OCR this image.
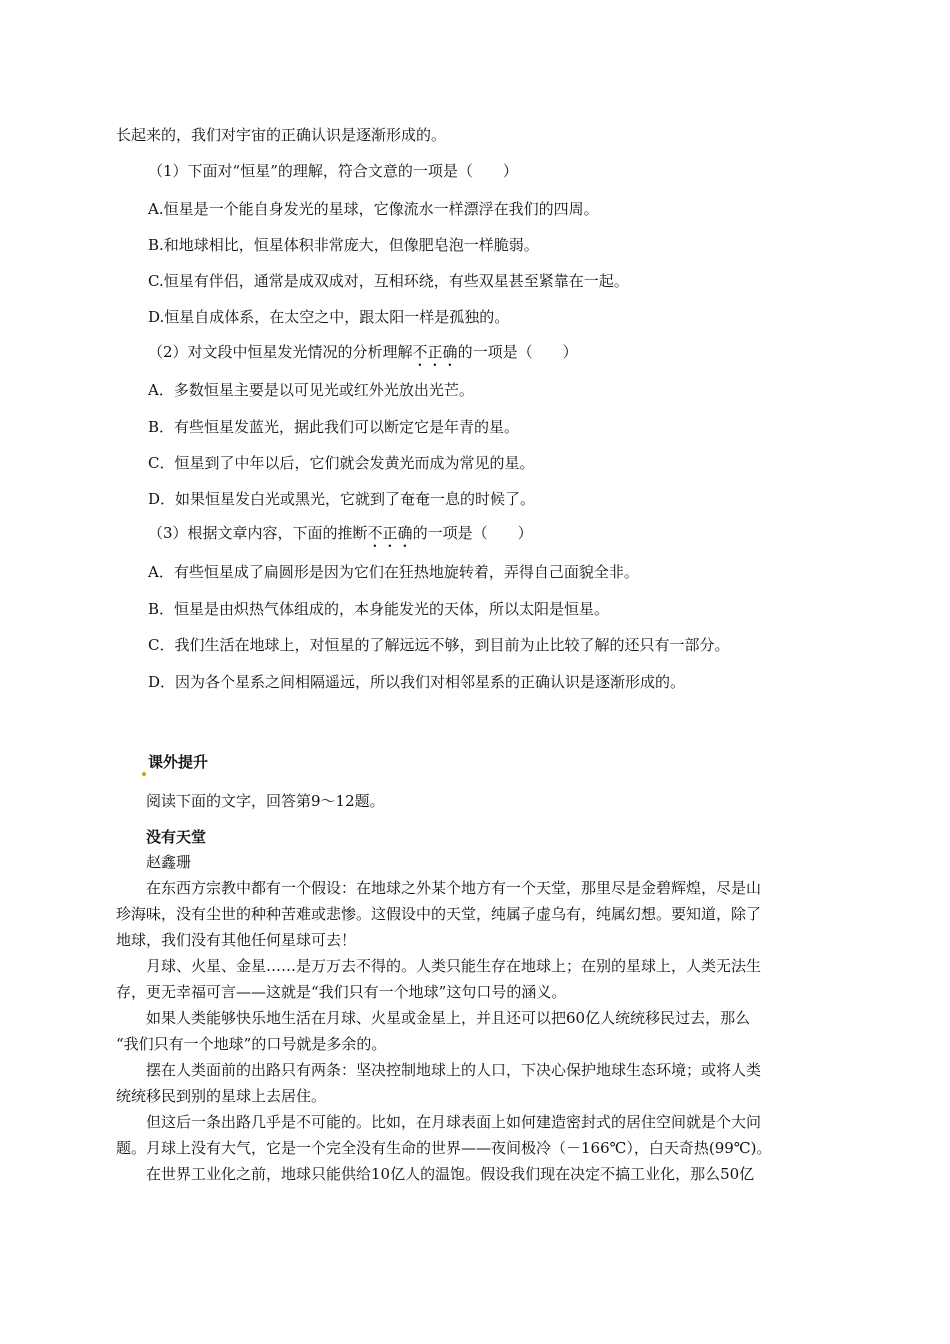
长起来的，我们对宇宙的正确认识是逐渐形成的。
（1）下面对“恒星”的理解，符合文意的一项是（　　）
A.恒星是一个能自身发光的星球，它像流水一样漂浮在我们的四周。
B.和地球相比，恒星体积非常庞大，但像肥皂泡一样脆弱。
C.恒星有伴侣，通常是成双成对，互相环绕，有些双星甚至紧靠在一起。
D.恒星自成体系，在太空之中，跟太阳一样是孤独的。
（2）对文段中恒星发光情况的分析理解不正确的一项是（　　）
A．多数恒星主要是以可见光或红外光放出光芒。
B．有些恒星发蓝光，据此我们可以断定它是年青的星。
C．恒星到了中年以后，它们就会发黄光而成为常见的星。
D．如果恒星发白光或黑光，它就到了奄奄一息的时候了。
（3）根据文章内容，下面的推断不正确的一项是（　　）
A．有些恒星成了扁圆形是因为它们在狂热地旋转着，弄得自己面貌全非。
B．恒星是由炽热气体组成的，本身能发光的天体，所以太阳是恒星。
C．我们生活在地球上，对恒星的了解远远不够，到目前为止比较了解的还只有一部分。
D．因为各个星系之间相隔遥远，所以我们对相邻星系的正确认识是逐渐形成的。
课外提升
阅读下面的文字，回答第9～12题。
没有天堂
赵鑫珊
在东西方宗教中都有一个假设：在地球之外某个地方有一个天堂，那里尽是金碧辉煌，尽是山
珍海味，没有尘世的种种苦难或悲惨。这假设中的天堂，纯属子虚乌有，纯属幻想。要知道，除了
地球，我们没有其他任何星球可去！
月球、火星、金星……是万万去不得的。人类只能生存在地球上；在别的星球上，人类无法生
存，更无幸福可言——这就是“我们只有一个地球”这句口号的涵义。
如果人类能够快乐地生活在月球、火星或金星上，并且还可以把60亿人统统移民过去，那么
“我们只有一个地球”的口号就是多余的。
摆在人类面前的出路只有两条：坚决控制地球上的人口，下决心保护地球生态环境；或将人类
统统移民到别的星球上去居住。
但这后一条出路几乎是不可能的。比如，在月球表面上如何建造密封式的居住空间就是个大问
题。月球上没有大气，它是一个完全没有生命的世界——夜间极冷（－166℃），白天奇热(99℃)。
在世界工业化之前，地球只能供给10亿人的温饱。假设我们现在决定不搞工业化，那么50亿
